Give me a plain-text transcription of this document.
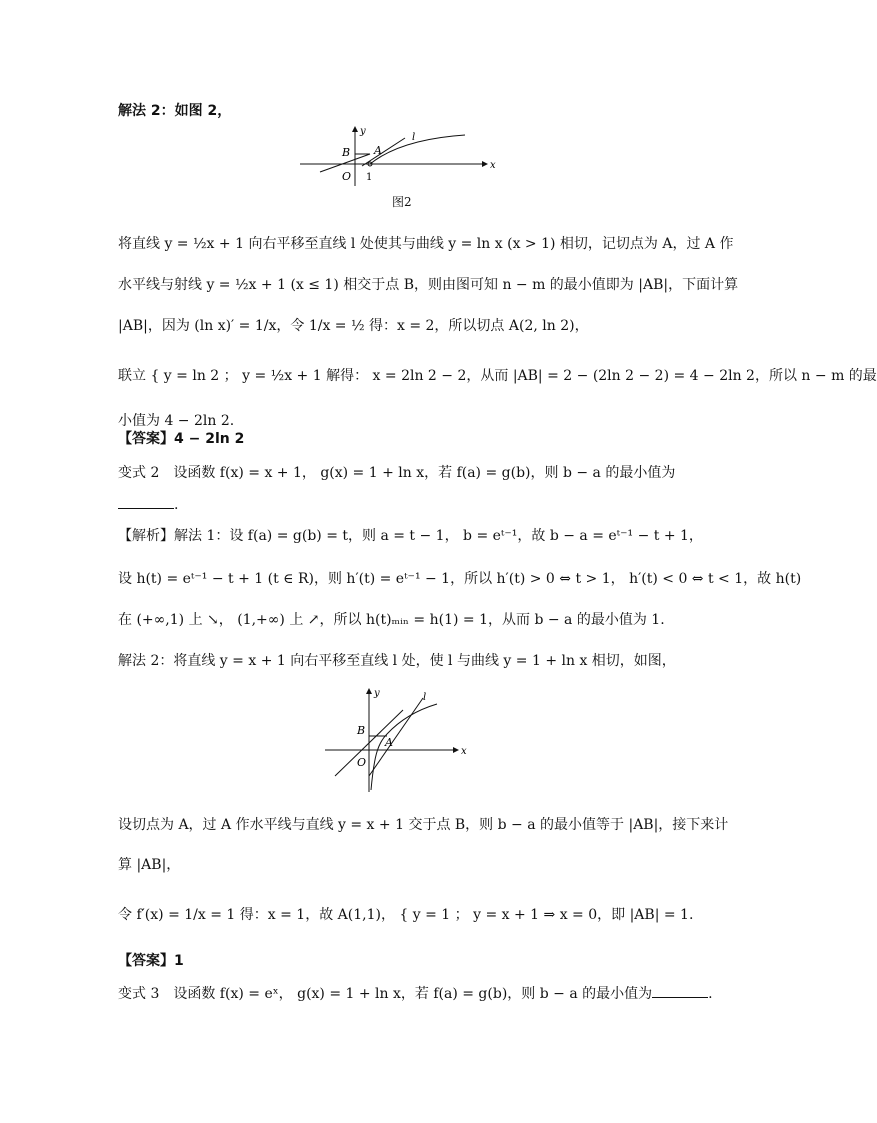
解法 2：如图 2，
y
l
B A
O 1
x
图2
将直线 y = ½x + 1 向右平移至直线 l 处使其与曲线 y = ln x (x > 1) 相切，记切点为 A，过 A 作
水平线与射线 y = ½x + 1 (x ≤ 1) 相交于点 B，则由图可知 n − m 的最小值即为 |AB|，下面计算
|AB|，因为 (ln x)′ = 1/x，令 1/x = ½ 得：x = 2，所以切点 A(2, ln 2)，
联立 { y = ln 2 ； y = ½x + 1 解得： x = 2ln 2 − 2，从而 |AB| = 2 − (2ln 2 − 2) = 4 − 2ln 2，所以 n − m 的最
小值为 4 − 2ln 2.
【答案】4 − 2ln 2
变式 2　设函数 f(x) = x + 1， g(x) = 1 + ln x，若 f(a) = g(b)，则 b − a 的最小值为
.
【解析】解法 1：设 f(a) = g(b) = t，则 a = t − 1， b = eᵗ⁻¹，故 b − a = eᵗ⁻¹ − t + 1，
设 h(t) = eᵗ⁻¹ − t + 1 (t ∈ R)，则 h′(t) = eᵗ⁻¹ − 1，所以 h′(t) > 0 ⇔ t > 1， h′(t) < 0 ⇔ t < 1，故 h(t)
在 (+∞,1) 上 ↘， (1,+∞) 上 ↗，所以 h(t)ₘᵢₙ = h(1) = 1，从而 b − a 的最小值为 1.
解法 2：将直线 y = x + 1 向右平移至直线 l 处，使 l 与曲线 y = 1 + ln x 相切，如图，
y	l
B
A
O
x
设切点为 A，过 A 作水平线与直线 y = x + 1 交于点 B，则 b − a 的最小值等于 |AB|，接下来计
算 |AB|，
令 f′(x) = 1/x = 1 得：x = 1，故 A(1,1)， { y = 1 ； y = x + 1 ⇒ x = 0，即 |AB| = 1.
【答案】1
变式 3　设函数 f(x) = eˣ， g(x) = 1 + ln x，若 f(a) = g(b)，则 b − a 的最小值为	.
